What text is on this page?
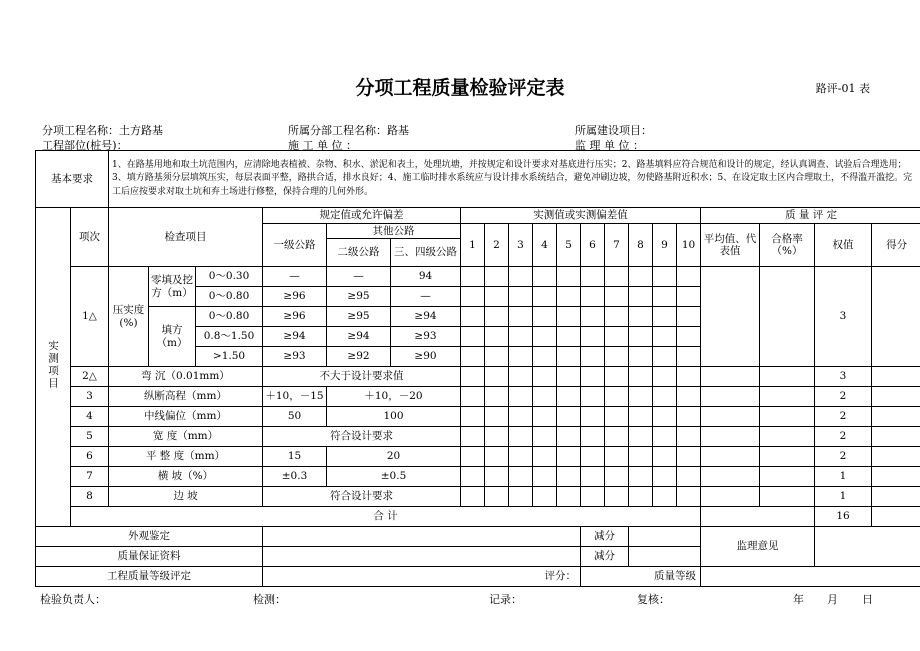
分项工程质量检验评定表	路评-01 表
分项工程名称：土方路基	所属分部工程名称：路基	所属建设项目：
工程部位(桩号)：	施 工 单 位 ：	监 理 单 位 ：
基本要求		1、在路基用地和取土坑范围内，应清除地表植被、杂物、积水、淤泥和表土，处理坑塘，并按规定和设计要求对基底进行压实；2、路基填料应符合规范和设计的规定，经认真调查、试验后合理选用；3、填方路基须分层填筑压实，每层表面平整，路拱合适，排水良好；4、施工临时排水系统应与设计排水系统结合，避免冲刷边坡，勿使路基附近积水；5、在设定取土区内合理取土，不得滥开滥挖。完工后应按要求对取土坑和弃土场进行修整，保持合理的几何外形。																			
实测项目	项次	检查项目			规定值或允许偏差			实测值或实测偏差值										质 量 评 定			
					一级公路	其他公路		1	2	3	4	5	6	7	8	9	10	平均值、代表值	合格率（%）	权值	得分
						二级公路	三、四级公路														
	1△	压实度(%)	零填及挖方（m）	0～0.30	—	—	94													3	
				0～0.80	≥96	≥95	—														
			填方（m）	0～0.80	≥96	≥95	≥94														
				0.8～1.50	≥94	≥94	≥93														
				>1.50	≥93	≥92	≥90														
	2△	弯 沉（0.01mm）			不大于设计要求值															3	
	3	纵断高程（mm）			＋10，－15	＋10，－20														2	
	4	中线偏位（mm）			50	100														2	
	5	宽 度（mm）			符合设计要求															2	
	6	平 整 度（mm）			15	20														2	
	7	横 坡（%）			±0.3	±0.5														1	
	8	边 坡			符合设计要求															1	
	合 计																			16	
外观鉴定													减分					监理意见			
质量保证资料													减分								
工程质量等级评定					评分：								质量等级								
检验负责人：	检测：	记录：	复核：	年 月 日
